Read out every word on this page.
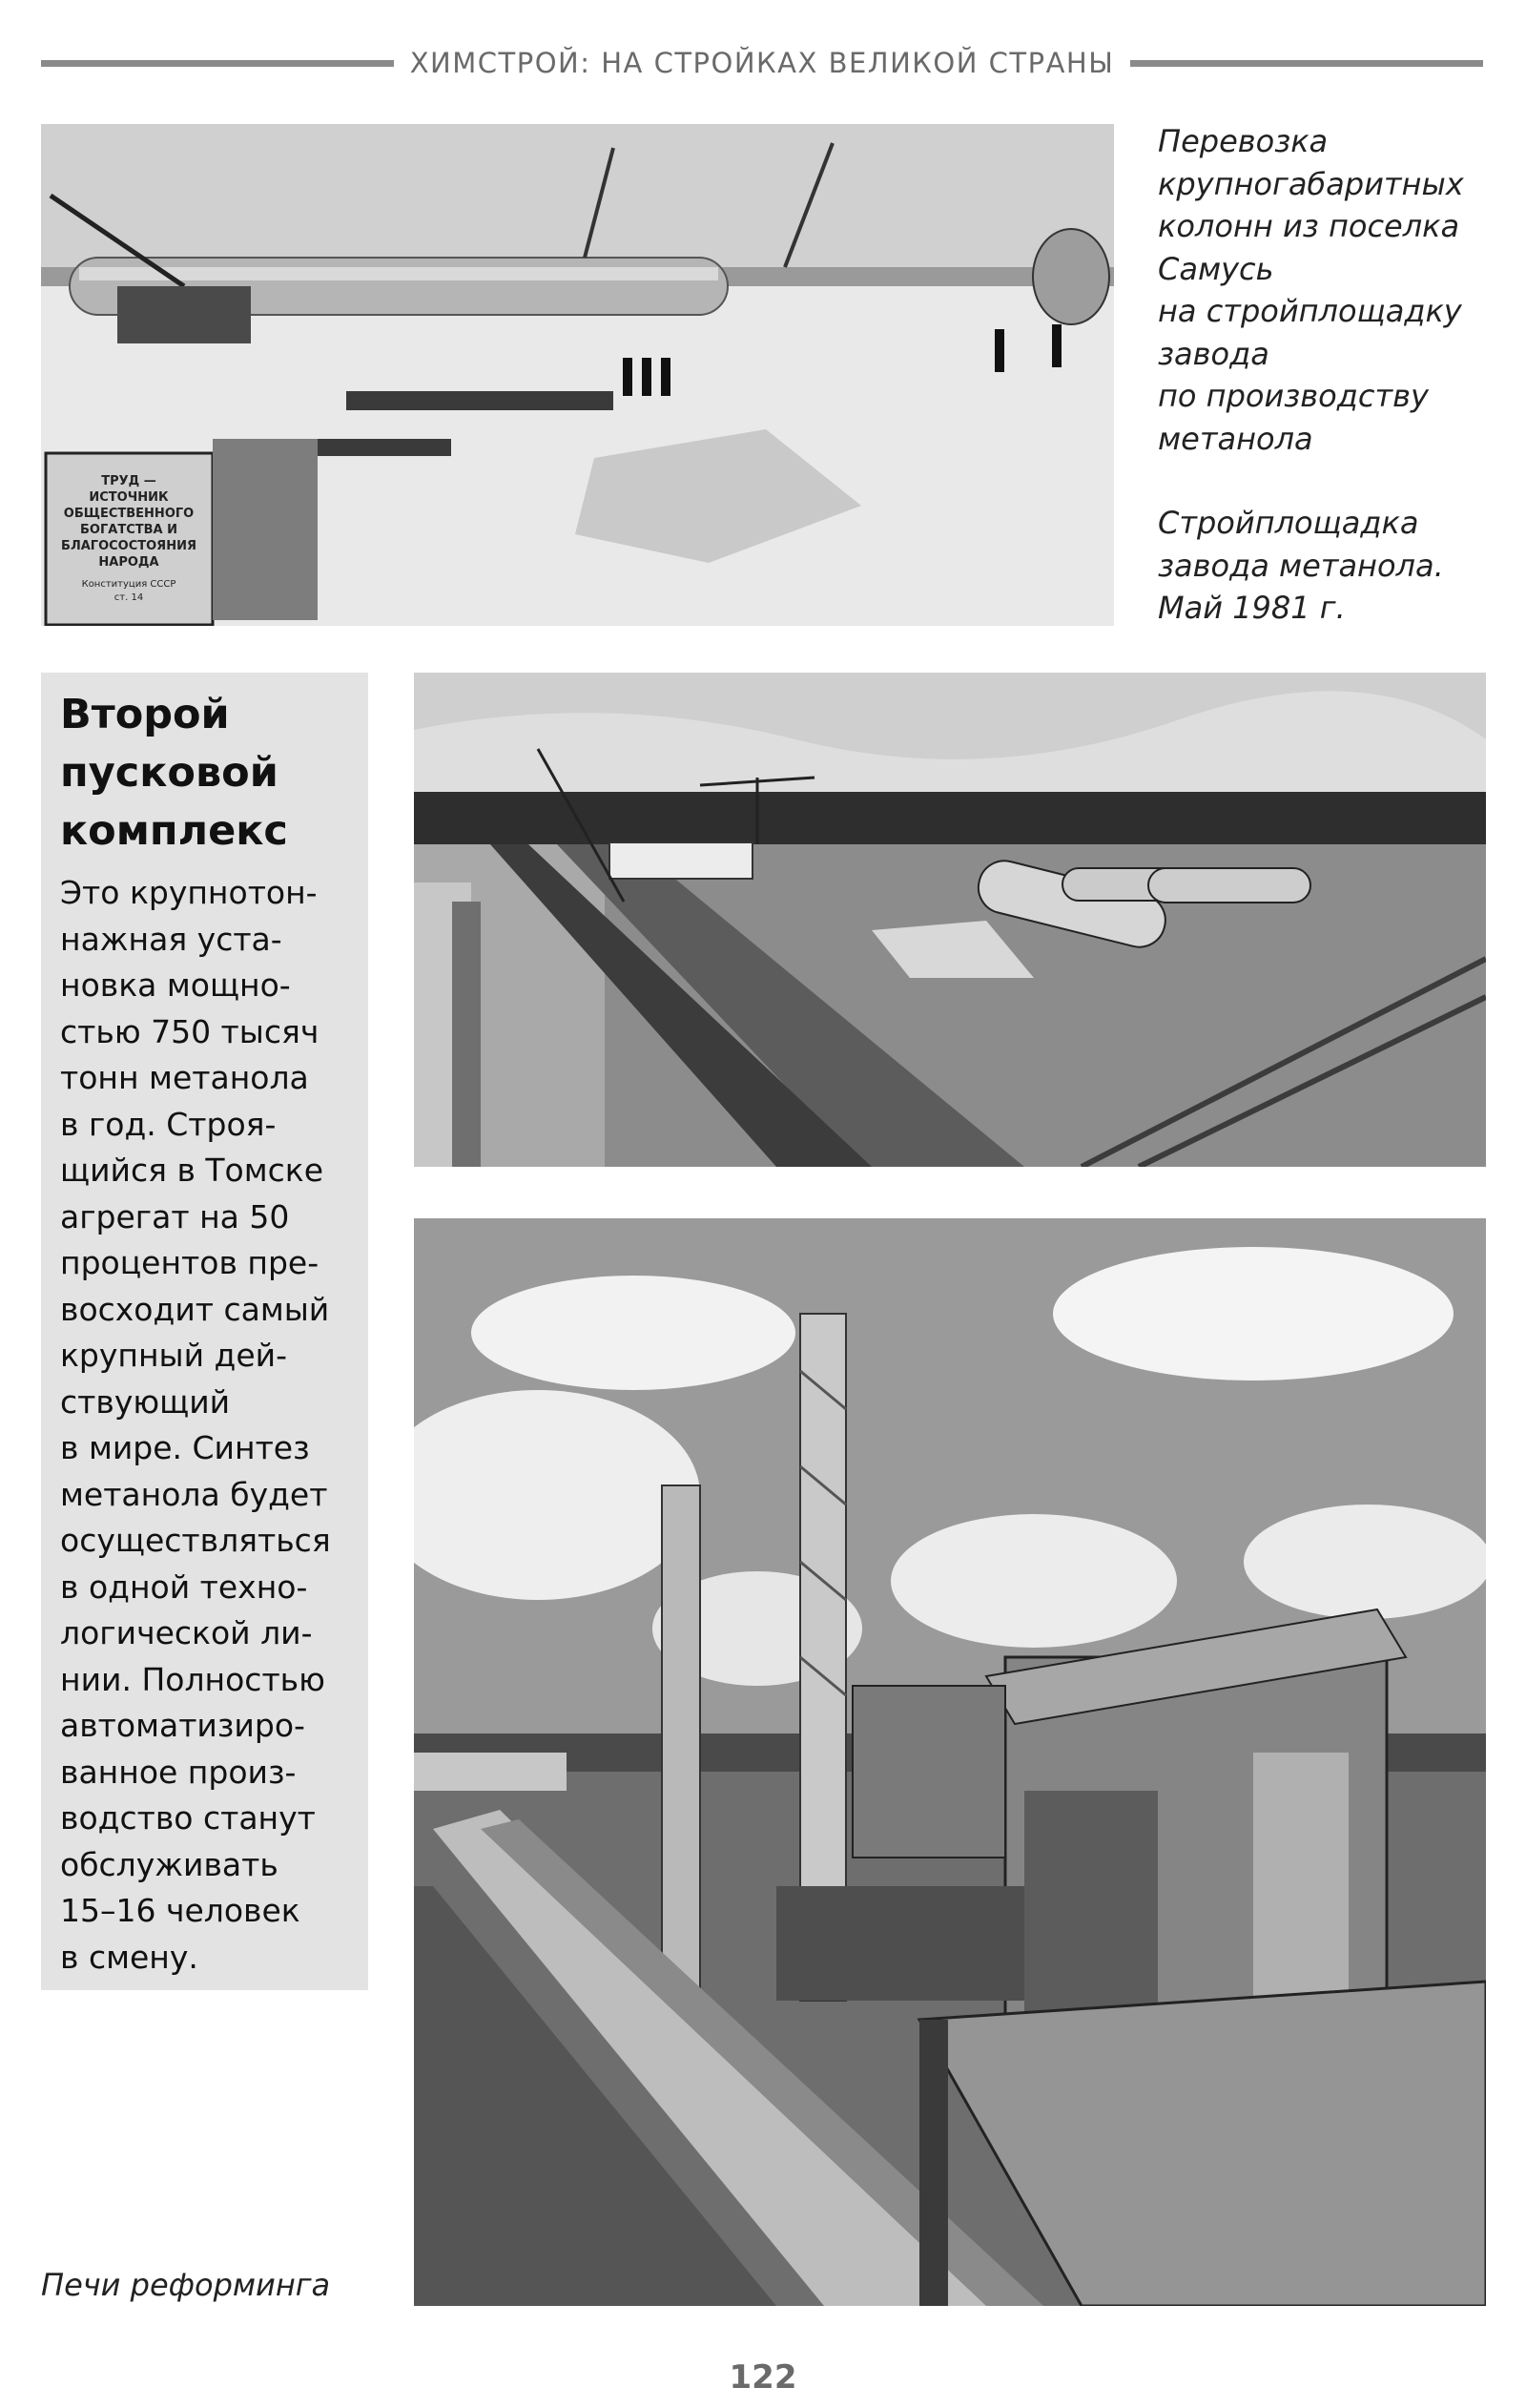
ХИМСТРОЙ: НА СТРОЙКАХ ВЕЛИКОЙ СТРАНЫ
ТРУД —
ИСТОЧНИК
ОБЩЕСТВЕННОГО
БОГАТСТВА И
БЛАГОСОСТОЯНИЯ
НАРОДА
Конституция СССР
ст. 14
Перевозка
крупногабаритных
колонн из поселка
Самусь
на стройплощадку
завода
по производству
метанола
Стройплощадка
завода метанола.
Май 1981 г.
Второй
пусковой
комплекс
Это крупнотон-
нажная уста-
новка мощно-
стью 750 тысяч
тонн метанола
в год. Строя-
щийся в Томске
агрегат на 50
процентов пре-
восходит самый
крупный дей-
ствующий
в мире. Синтез
метанола будет
осуществляться
в одной техно-
логической ли-
нии. Полностью
автоматизиро-
ванное произ-
водство станут
обслуживать
15–16 человек
в смену.
Печи реформинга
122
